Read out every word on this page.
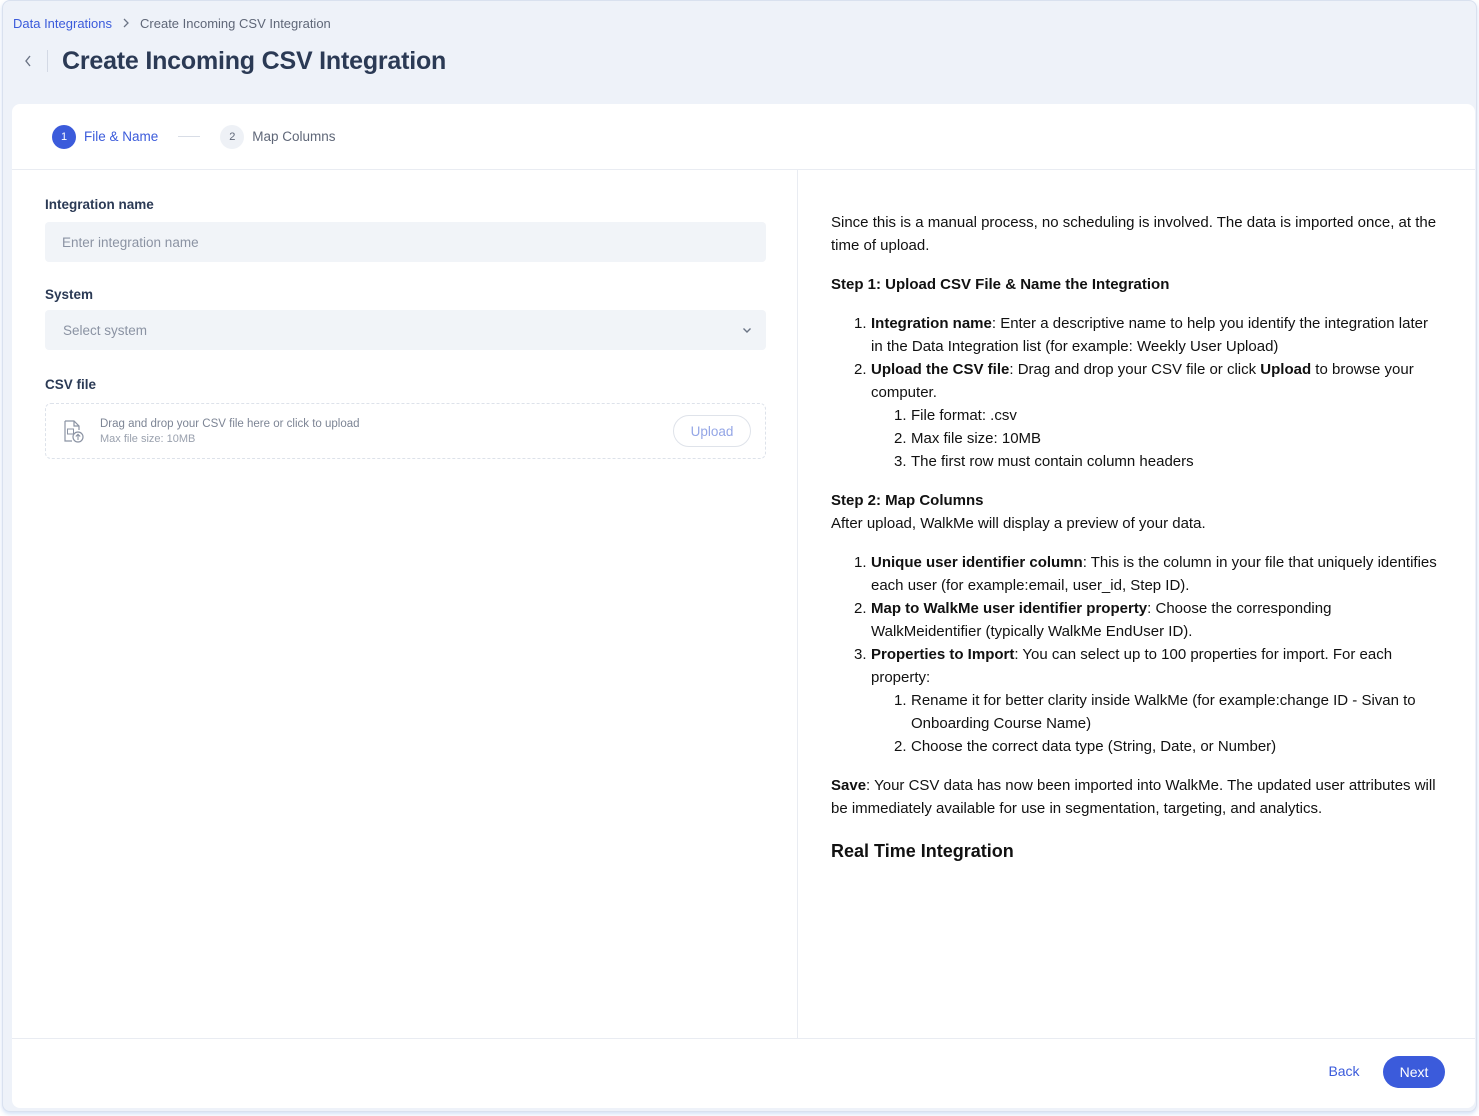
Data Integrations Create Incoming CSV Integration
Create Incoming CSV Integration
1	File & Name	2	Map Columns
Integration name
Enter integration name
System
Select system
CSV file
Drag and drop your CSV file here or click to upload
Max file size: 10MB	Upload

Since this is a manual process, no scheduling is involved. The data is imported once, at the time of upload.

Step 1: Upload CSV File & Name the Integration

1. Integration name: Enter a descriptive name to help you identify the integration later in the Data Integration list (for example: Weekly User Upload)
2. Upload the CSV file: Drag and drop your CSV file or click Upload to browse your computer.
1. File format: .csv
2. Max file size: 10MB
3. The first row must contain column headers

Step 2: Map Columns

After upload, WalkMe will display a preview of your data.

1. Unique user identifier column: This is the column in your file that uniquely identifies each user (for example:email, user_id, Step ID).
2. Map to WalkMe user identifier property: Choose the corresponding WalkMeidentifier (typically WalkMe EndUser ID).
3. Properties to Import: You can select up to 100 properties for import. For each property:
1. Rename it for better clarity inside WalkMe (for example:change ID - Sivan to Onboarding Course Name)
2. Choose the correct data type (String, Date, or Number)

Save: Your CSV data has now been imported into WalkMe. The updated user attributes will be immediately available for use in segmentation, targeting, and analytics.

Real Time Integration
Back	Next
